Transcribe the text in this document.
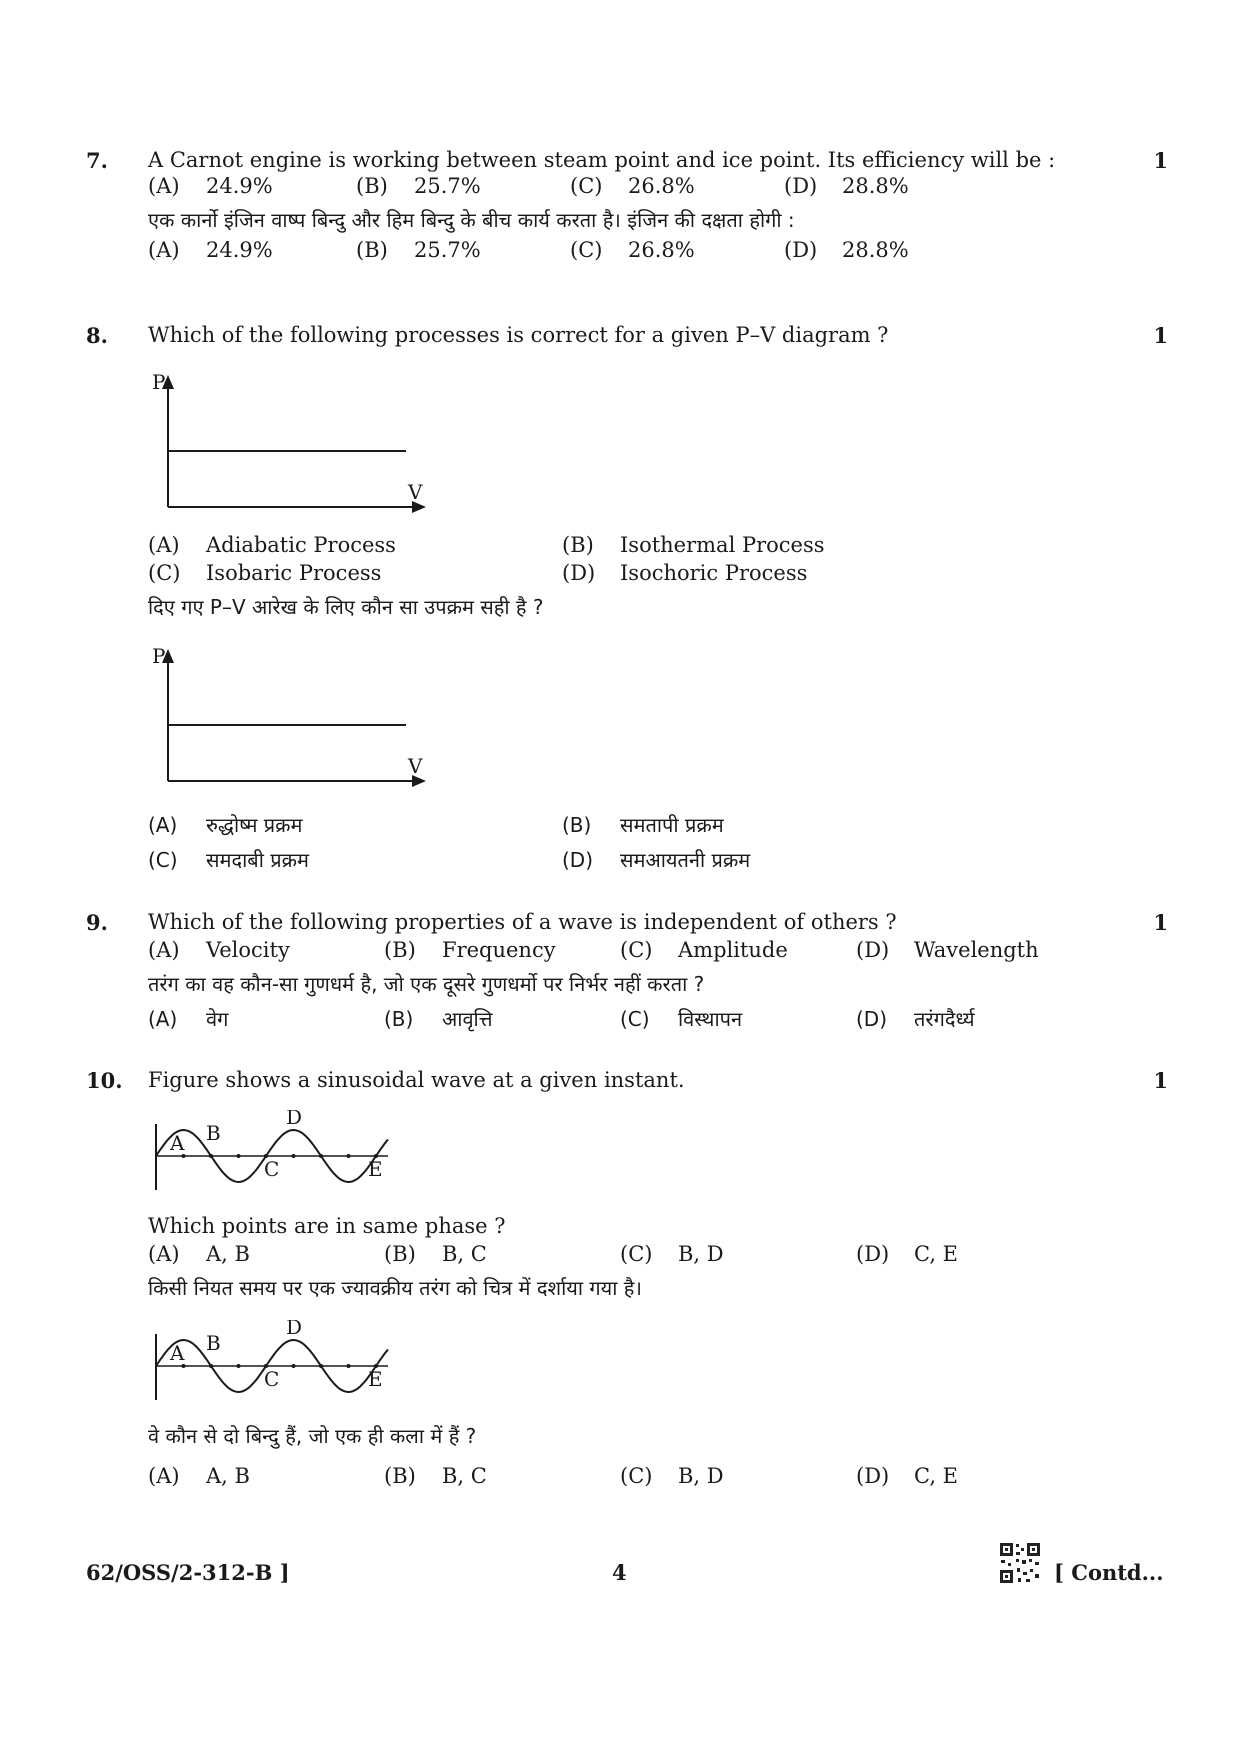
7. A Carnot engine is working between steam point and ice point. Its efficiency will be :	1
(A) 24.9%	(B) 25.7%	(C) 26.8%	(D) 28.8%
एक कार्नो इंजिन वाष्प बिन्दु और हिम बिन्दु के बीच कार्य करता है। इंजिन की दक्षता होगी :
(A) 24.9%	(B) 25.7%	(C) 26.8%	(D) 28.8%
8. Which of the following processes is correct for a given P–V diagram ?	1
P
V
(A) Adiabatic Process	(B) Isothermal Process
(C) Isobaric Process	(D) Isochoric Process
दिए गए P–V आरेख के लिए कौन सा उपक्रम सही है ?
P
V
(A) रुद्धोष्म प्रक्रम	(B) समतापी प्रक्रम
(C) समदाबी प्रक्रम	(D) समआयतनी प्रक्रम
9. Which of the following properties of a wave is independent of others ?	1
(A) Velocity	(B) Frequency	(C) Amplitude	(D) Wavelength
तरंग का वह कौन-सा गुणधर्म है, जो एक दूसरे गुणधर्मो पर निर्भर नहीं करता ?
(A) वेग	(B) आवृत्ति	(C) विस्थापन	(D) तरंगदैर्ध्य
10. Figure shows a sinusoidal wave at a given instant.	1
A B
C
D
E
Which points are in same phase ?
(A) A, B	(B) B, C	(C) B, D	(D) C, E
किसी नियत समय पर एक ज्यावक्रीय तरंग को चित्र में दर्शाया गया है।
A B
C
D
E
वे कौन से दो बिन्दु हैं, जो एक ही कला में हैं ?
(A) A, B	(B) B, C	(C) B, D	(D) C, E
62/OSS/2-312-B ]	4	[ Contd...
